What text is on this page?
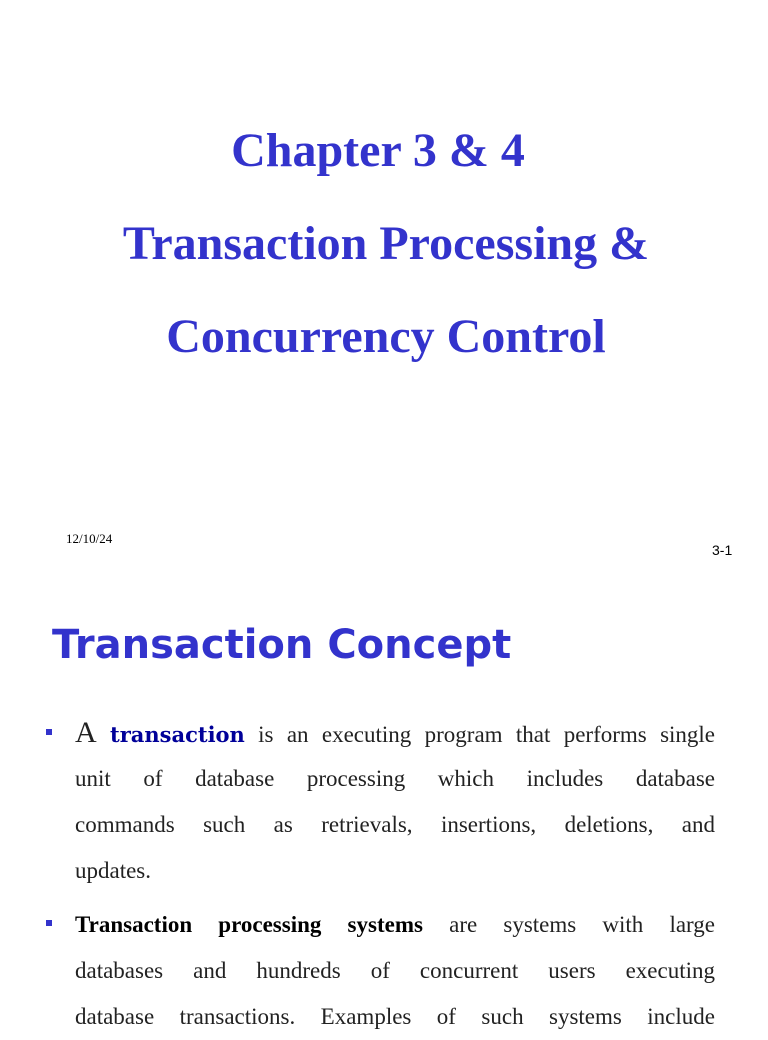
Chapter 3 & 4
Transaction Processing &
Concurrency Control
12/10/24
3-1
Transaction Concept
A transaction is an executing program that performs single
unit of database processing which includes database
commands such as retrievals, insertions, deletions, and
updates.
Transaction processing systems are systems with large
databases and hundreds of concurrent users executing
database transactions. Examples of such systems include
